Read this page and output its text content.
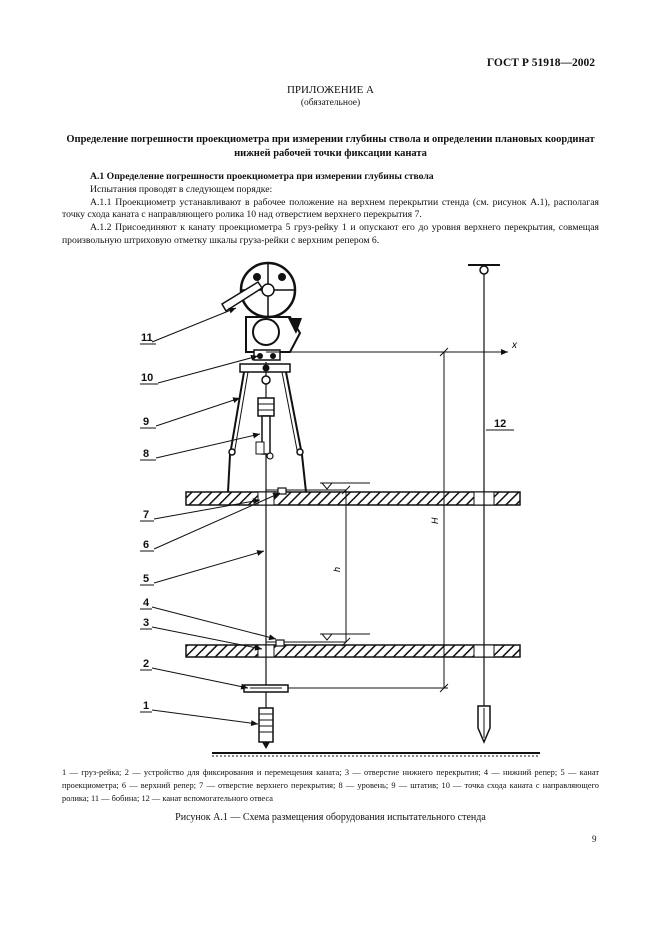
ГОСТ Р 51918—2002
ПРИЛОЖЕНИЕ А
(обязательное)
Определение погрешности проекциометра при измерении глубины ствола и определении плановых координат нижней рабочей точки фиксации каната

А.1 Определение погрешности проекциометра при измерении глубины ствола

Испытания проводят в следующем порядке:

А.1.1 Проекциометр устанавливают в рабочее положение на верхнем перекрытии стенда (см. рисунок А.1), располагая точку схода каната с направляющего ролика 10 над отверстием верхнего перекрытия 7.

А.1.2 Присоединяют к канату проекциометра 5 груз-рейку 1 и опускают его до уровня верхнего перекрытия, совмещая произвольную штриховую отметку шкалы груза-рейки с верхним репером 6.

x
H
h
11
10
9
8
7
6
5
4
3
2
1
12
1 — груз-рейка; 2 — устройство для фиксирования и перемещения каната; 3 — отверстие нижнего перекрытия; 4 — нижний репер; 5 — канат проекциометра; 6 — верхний репер; 7 — отверстие верхнего перекрытия; 8 — уровень; 9 — штатив; 10 — точка схода каната с направляющего ролика; 11 — бобина; 12 — канат вспомогательного отвеса
Рисунок А.1 — Схема размещения оборудования испытательного стенда
9
